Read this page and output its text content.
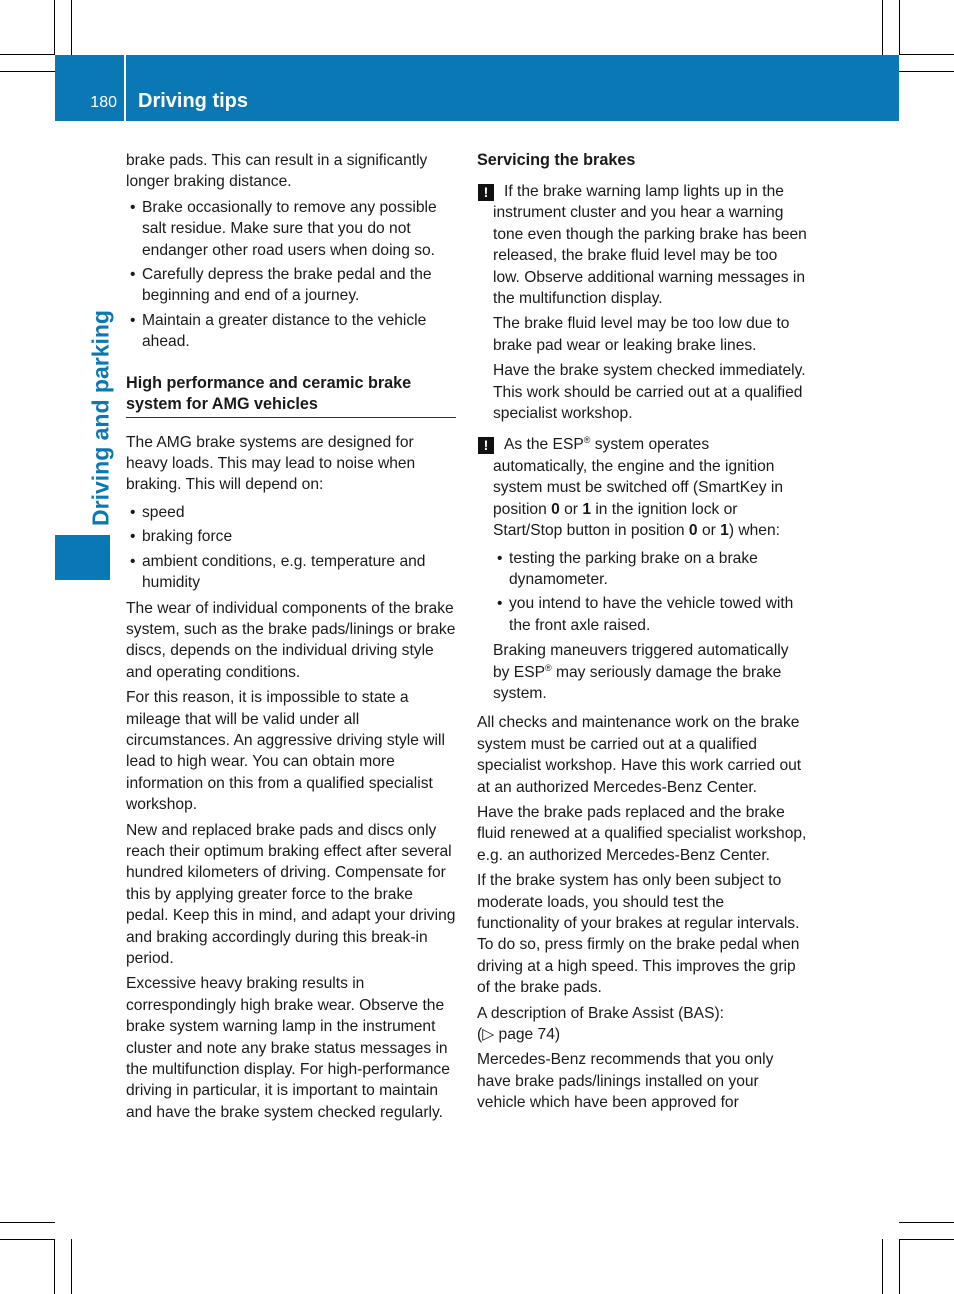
180 Driving tips
Driving and parking

brake pads. This can result in a significantly longer braking distance.

• Brake occasionally to remove any possible salt residue. Make sure that you do not endanger other road users when doing so.
• Carefully depress the brake pedal and the beginning and end of a journey.
• Maintain a greater distance to the vehicle ahead.
High performance and ceramic brake system for AMG vehicles

The AMG brake systems are designed for heavy loads. This may lead to noise when braking. This will depend on:

• speed
• braking force
• ambient conditions, e.g. temperature and humidity

The wear of individual components of the brake system, such as the brake pads/linings or brake discs, depends on the individual driving style and operating conditions.

For this reason, it is impossible to state a mileage that will be valid under all circumstances. An aggressive driving style will lead to high wear. You can obtain more information on this from a qualified specialist workshop.

New and replaced brake pads and discs only reach their optimum braking effect after several hundred kilometers of driving. Compensate for this by applying greater force to the brake pedal. Keep this in mind, and adapt your driving and braking accordingly during this break-in period.

Excessive heavy braking results in correspondingly high brake wear. Observe the brake system warning lamp in the instrument cluster and note any brake status messages in the multifunction display. For high-performance driving in particular, it is important to maintain and have the brake system checked regularly.

Servicing the brakes
!	If the brake warning lamp lights up in the instrument cluster and you hear a warning tone even though the parking brake has been released, the brake fluid level may be too low. Observe additional warning messages in the multifunction display.

The brake fluid level may be too low due to brake pad wear or leaking brake lines.

Have the brake system checked immediately. This work should be carried out at a qualified specialist workshop.

!	As the ESP® system operates automatically, the engine and the ignition system must be switched off (SmartKey in position 0 or 1 in the ignition lock or Start/Stop button in position 0 or 1) when:

• testing the parking brake on a brake dynamometer.
• you intend to have the vehicle towed with the front axle raised.

Braking maneuvers triggered automatically by ESP® may seriously damage the brake system.

All checks and maintenance work on the brake system must be carried out at a qualified specialist workshop. Have this work carried out at an authorized Mercedes-Benz Center.

Have the brake pads replaced and the brake fluid renewed at a qualified specialist workshop, e.g. an authorized Mercedes-Benz Center.

If the brake system has only been subject to moderate loads, you should test the functionality of your brakes at regular intervals. To do so, press firmly on the brake pedal when driving at a high speed. This improves the grip of the brake pads.

A description of Brake Assist (BAS):
(▷ page 74)

Mercedes-Benz recommends that you only have brake pads/linings installed on your vehicle which have been approved for
